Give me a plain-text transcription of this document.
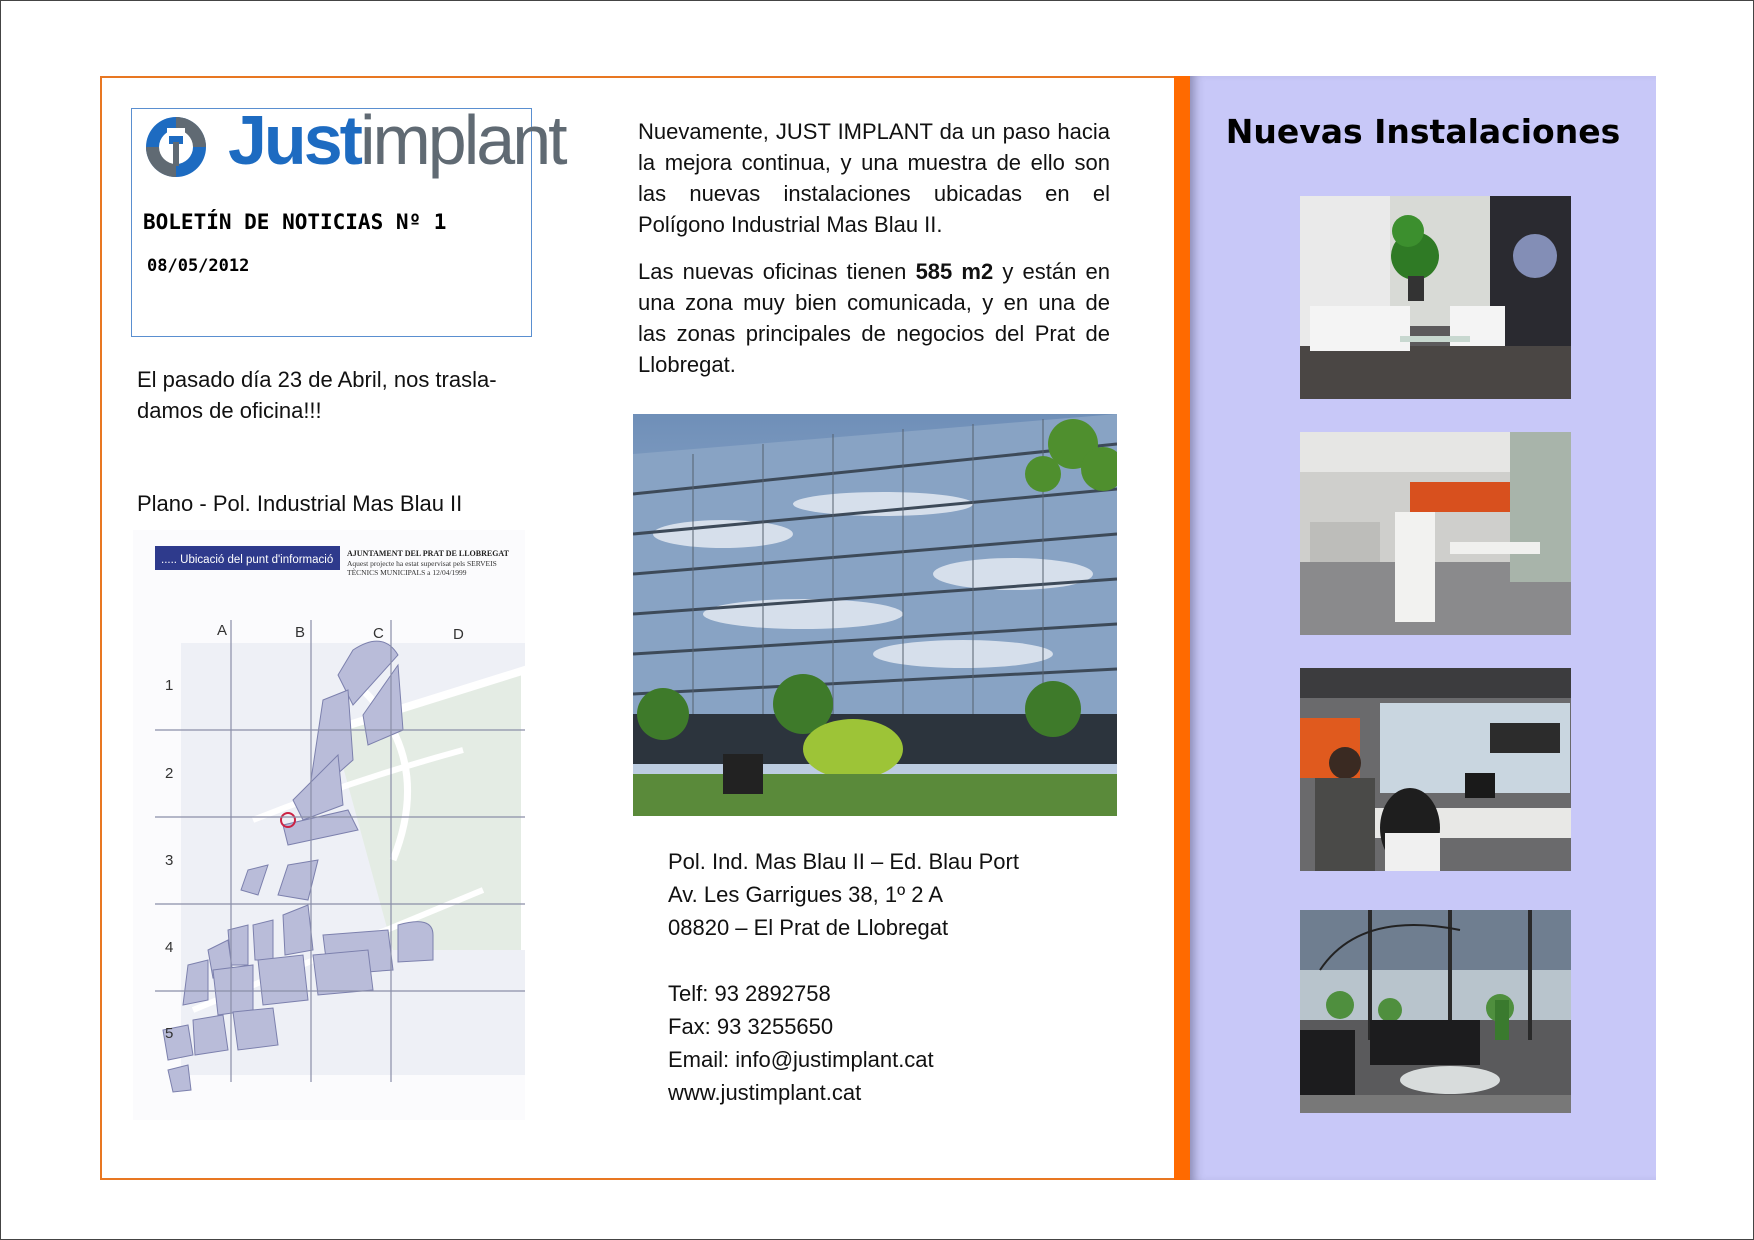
Nuevas Instalaciones
Justimplant
BOLETÍN DE NOTICIAS Nº 1
08/05/2012
El pasado día 23 de Abril, nos trasla-damos de oficina!!!
Plano - Pol. Industrial Mas Blau II
..... Ubicació del punt d'informació
AJUNTAMENT DEL PRAT DE LLOBREGAT
Aquest projecte ha estat supervisat pels SERVEIS
TÈCNICS MUNICIPALS a 12/04/1999
A	B	C	D
1
2
3
4
5
Nuevamente, JUST IMPLANT da un paso hacia la mejora continua, y una muestra de ello son las nuevas instalaciones ubicadas en el Polígono Industrial Mas Blau II.
Las nuevas oficinas tienen 585 m2 y están en una zona muy bien comunicada, y en una de las zonas principales de negocios del Prat de Llobregat.
Pol. Ind. Mas Blau II – Ed. Blau Port
Av. Les Garrigues 38, 1º 2 A
08820 – El Prat de Llobregat
Telf: 93 2892758
Fax: 93 3255650
Email: info@justimplant.cat
www.justimplant.cat
